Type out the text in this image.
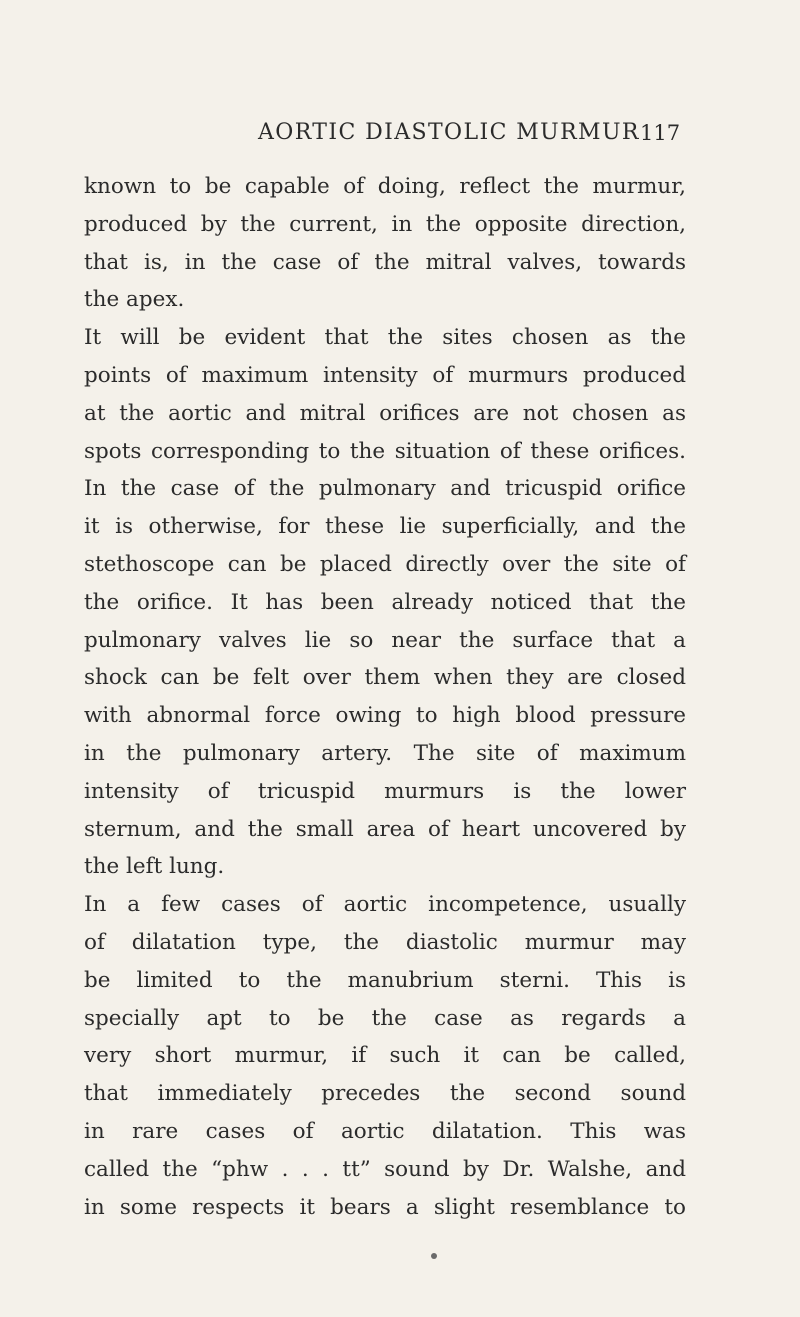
AORTIC DIASTOLIC MURMUR 117
known to be capable of doing, reflect the murmur,
produced by the current, in the opposite direction,
that is, in the case of the mitral valves, towards
the apex.
It will be evident that the sites chosen as the
points of maximum intensity of murmurs produced
at the aortic and mitral orifices are not chosen as
spots corresponding to the situation of these orifices.
In the case of the pulmonary and tricuspid orifice
it is otherwise, for these lie superficially, and the
stethoscope can be placed directly over the site of
the orifice. It has been already noticed that the
pulmonary valves lie so near the surface that a
shock can be felt over them when they are closed
with abnormal force owing to high blood pressure
in the pulmonary artery. The site of maximum
intensity of tricuspid murmurs is the lower
sternum, and the small area of heart uncovered by
the left lung.
In a few cases of aortic incompetence, usually
of dilatation type, the diastolic murmur may
be limited to the manubrium sterni. This is
specially apt to be the case as regards a
very short murmur, if such it can be called,
that immediately precedes the second sound
in rare cases of aortic dilatation. This was
called the “phw . . . tt” sound by Dr. Walshe, and
in some respects it bears a slight resemblance to
